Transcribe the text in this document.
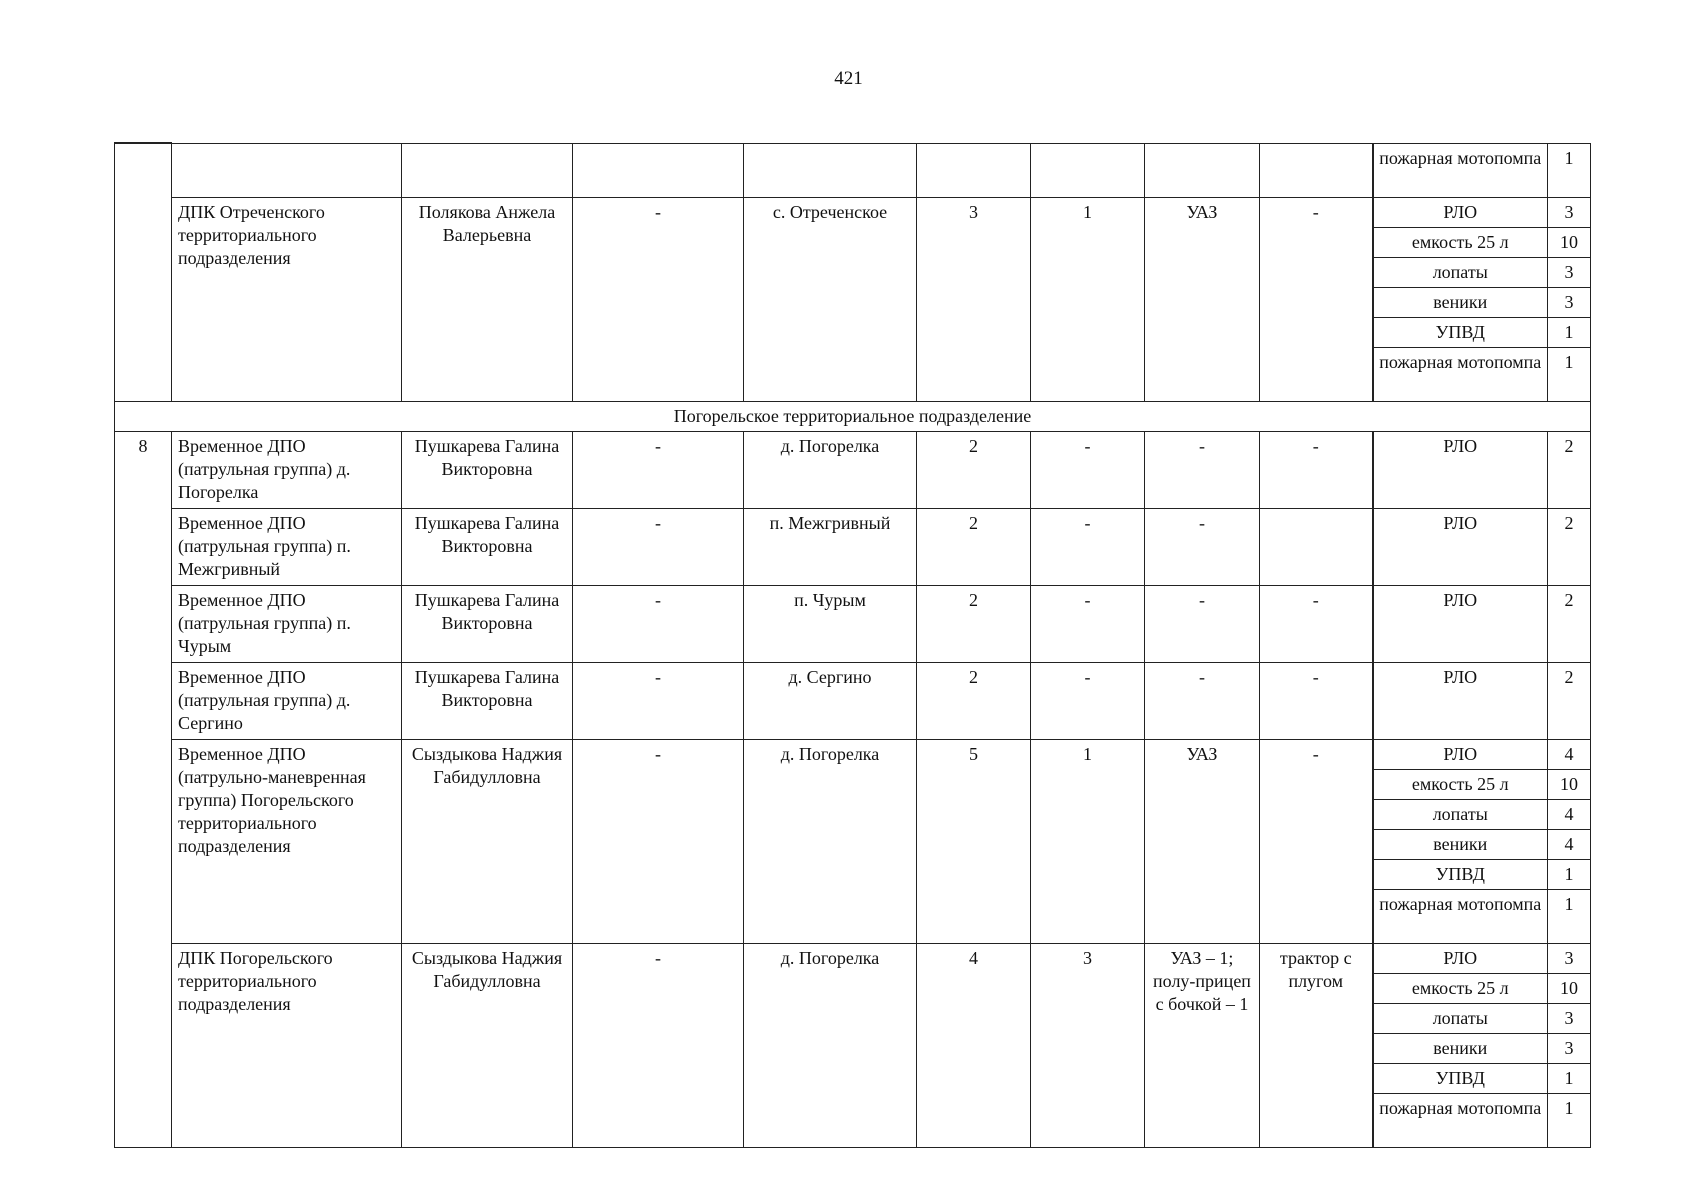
421
									пожарная мотопомпа	1
	ДПК Отреченского территориального подразделения	Полякова Анжела Валерьевна	-	с. Отреченское	3	1	УАЗ	-	РЛО	3
									емкость 25 л	10
									лопаты	3
									веники	3
									УПВД	1
									пожарная мотопомпа	1
Погорельское территориальное подразделение										
8	Временное ДПО (патрульная группа) д. Погорелка	Пушкарева Галина Викторовна	-	д. Погорелка	2	-	-	-	РЛО	2
	Временное ДПО (патрульная группа) п. Межгривный	Пушкарева Галина Викторовна	-	п. Межгривный	2	-	-		РЛО	2
	Временное ДПО (патрульная группа) п. Чурым	Пушкарева Галина Викторовна	-	п. Чурым	2	-	-	-	РЛО	2
	Временное ДПО (патрульная группа) д. Сергино	Пушкарева Галина Викторовна	-	д. Сергино	2	-	-	-	РЛО	2
	Временное ДПО (патрульно-маневренная группа) Погорельского территориального подразделения	Сыздыкова Наджия Габидулловна	-	д. Погорелка	5	1	УАЗ	-	РЛО	4
									емкость 25 л	10
									лопаты	4
									веники	4
									УПВД	1
									пожарная мотопомпа	1
	ДПК Погорельского территориального подразделения	Сыздыкова Наджия Габидулловна	-	д. Погорелка	4	3	УАЗ – 1; полу-прицеп с бочкой – 1	трактор с плугом	РЛО	3
									емкость 25 л	10
									лопаты	3
									веники	3
									УПВД	1
									пожарная мотопомпа	1
